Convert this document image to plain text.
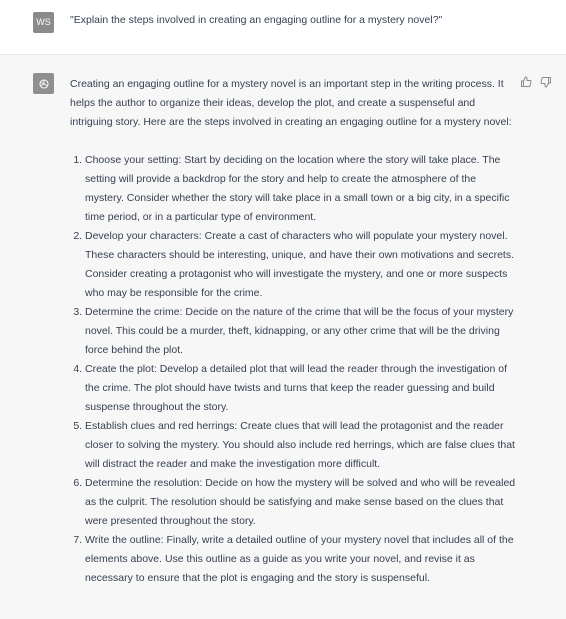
WS	"Explain the steps involved in creating an engaging outline for a mystery novel?"

Creating an engaging outline for a mystery novel is an important step in the writing process. It helps the author to organize their ideas, develop the plot, and create a suspenseful and intriguing story. Here are the steps involved in creating an engaging outline for a mystery novel:

1. Choose your setting: Start by deciding on the location where the story will take place. The setting will provide a backdrop for the story and help to create the atmosphere of the mystery. Consider whether the story will take place in a small town or a big city, in a specific time period, or in a particular type of environment.
2. Develop your characters: Create a cast of characters who will populate your mystery novel. These characters should be interesting, unique, and have their own motivations and secrets. Consider creating a protagonist who will investigate the mystery, and one or more suspects who may be responsible for the crime.
3. Determine the crime: Decide on the nature of the crime that will be the focus of your mystery novel. This could be a murder, theft, kidnapping, or any other crime that will be the driving force behind the plot.
4. Create the plot: Develop a detailed plot that will lead the reader through the investigation of the crime. The plot should have twists and turns that keep the reader guessing and build suspense throughout the story.
5. Establish clues and red herrings: Create clues that will lead the protagonist and the reader closer to solving the mystery. You should also include red herrings, which are false clues that will distract the reader and make the investigation more difficult.
6. Determine the resolution: Decide on how the mystery will be solved and who will be revealed as the culprit. The resolution should be satisfying and make sense based on the clues that were presented throughout the story.
7. Write the outline: Finally, write a detailed outline of your mystery novel that includes all of the elements above. Use this outline as a guide as you write your novel, and revise it as necessary to ensure that the plot is engaging and the story is suspenseful.
